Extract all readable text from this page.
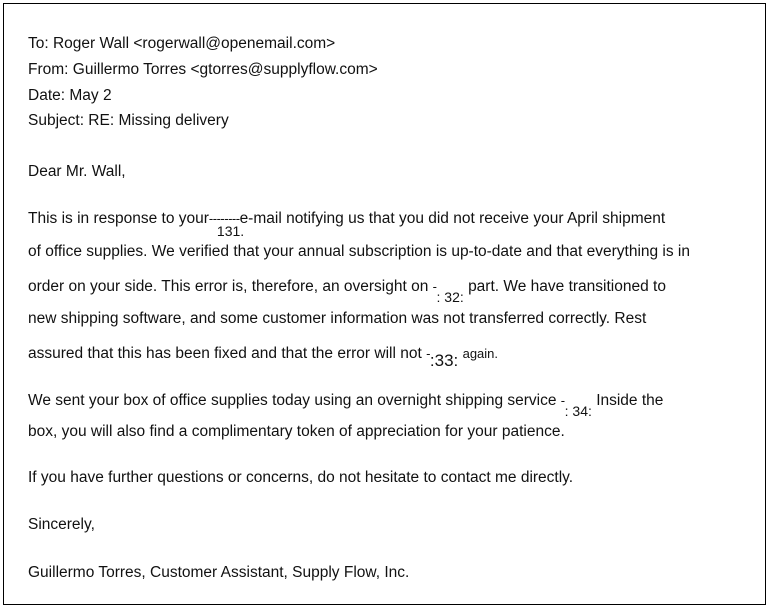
To: Roger Wall <rogerwall@openemail.com>
From: Guillermo Torres <gtorres@supplyflow.com>
Date: May 2
Subject: RE: Missing delivery
Dear Mr. Wall,
This is in response to your--------
131.
e-mail notifying us that you did not receive your April shipment
of office supplies. We verified that your annual subscription is up-to-date and that everything is in
order on your side. This error is, therefore, an oversight on -: 32: part. We have transitioned to
new shipping software, and some customer information was not transferred correctly. Rest
assured that this has been fixed and that the error will not -:33: again.
We sent your box of office supplies today using an overnight shipping service -: 34: Inside the
box, you will also find a complimentary token of appreciation for your patience.
If you have further questions or concerns, do not hesitate to contact me directly.
Sincerely,
Guillermo Torres, Customer Assistant, Supply Flow, Inc.
